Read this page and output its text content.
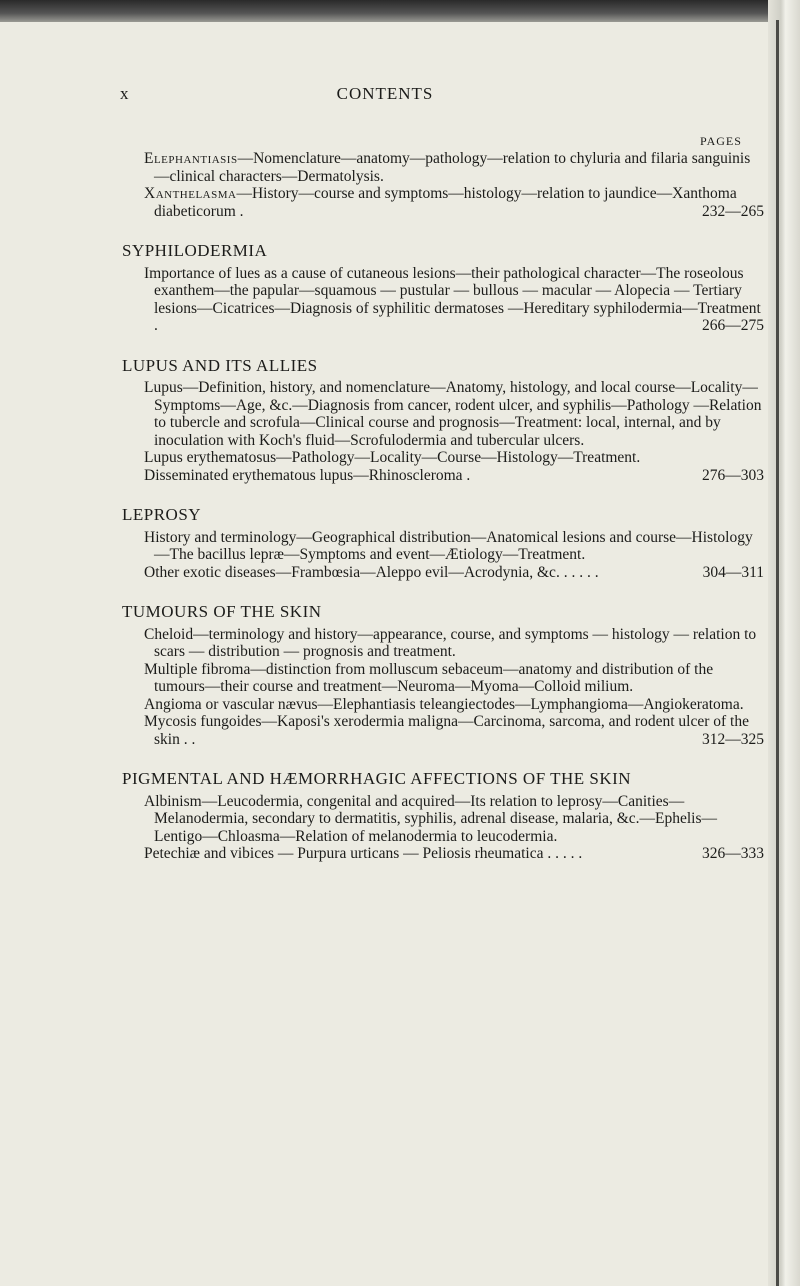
x	CONTENTS
PAGES
Elephantiasis—Nomenclature—anatomy—pathology—relation to chyluria and filaria sanguinis—clinical characters—Dermatolysis.
Xanthelasma—History—course and symptoms—histology—relation to jaundice—Xanthoma diabeticorum .	232—265
SYPHILODERMIA
Importance of lues as a cause of cutaneous lesions—their pathological character—The roseolous exanthem—the papular—squamous — pustular — bullous — macular — Alopecia — Tertiary lesions—Cicatrices—Diagnosis of syphilitic dermatoses —Hereditary syphilodermia—Treatment .	266—275
LUPUS AND ITS ALLIES
Lupus—Definition, history, and nomenclature—Anatomy, histology, and local course—Locality—Symptoms—Age, &c.—Diagnosis from cancer, rodent ulcer, and syphilis—Pathology —Relation to tubercle and scrofula—Clinical course and prognosis—Treatment: local, internal, and by inoculation with Koch's fluid—Scrofulodermia and tubercular ulcers.
Lupus erythematosus—Pathology—Locality—Course—Histology—Treatment.
Disseminated erythematous lupus—Rhinoscleroma .	276—303
LEPROSY
History and terminology—Geographical distribution—Anatomical lesions and course—Histology—The bacillus lepræ—Symptoms and event—Ætiology—Treatment.
Other exotic diseases—Frambœsia—Aleppo evil—Acrodynia, &c. . . . . .	304—311
TUMOURS OF THE SKIN
Cheloid—terminology and history—appearance, course, and symptoms — histology — relation to scars — distribution — prognosis and treatment.
Multiple fibroma—distinction from molluscum sebaceum—anatomy and distribution of the tumours—their course and treatment—Neuroma—Myoma—Colloid milium.
Angioma or vascular nævus—Elephantiasis teleangiectodes—Lymphangioma—Angiokeratoma.
Mycosis fungoides—Kaposi's xerodermia maligna—Carcinoma, sarcoma, and rodent ulcer of the skin . .	312—325
PIGMENTAL AND HÆMORRHAGIC AFFECTIONS OF THE SKIN
Albinism—Leucodermia, congenital and acquired—Its relation to leprosy—Canities—Melanodermia, secondary to dermatitis, syphilis, adrenal disease, malaria, &c.—Ephelis—Lentigo—Chloasma—Relation of melanodermia to leucodermia.
Petechiæ and vibices — Purpura urticans — Peliosis rheumatica . . . . .	326—333
